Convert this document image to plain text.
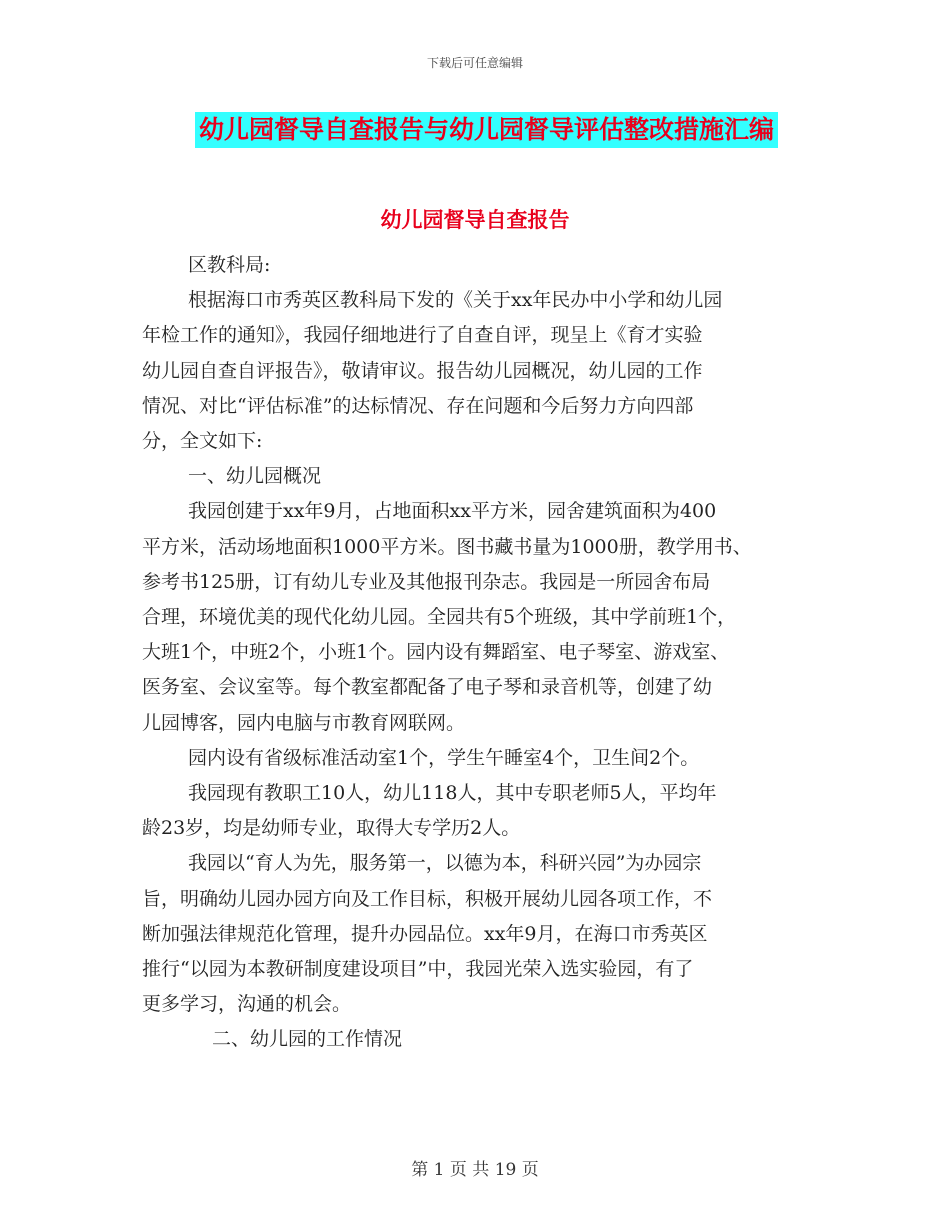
下载后可任意编辑
幼儿园督导自查报告与幼儿园督导评估整改措施汇编
幼儿园督导自查报告

区教科局:

根据海口市秀英区教科局下发的《关于xx年民办中小学和幼儿园

年检工作的通知》，我园仔细地进行了自查自评，现呈上《育才实验

幼儿园自查自评报告》，敬请审议。报告幼儿园概况，幼儿园的工作

情况、对比“评估标准”的达标情况、存在问题和今后努力方向四部

分，全文如下:

一、幼儿园概况

我园创建于xx年9月，占地面积xx平方米，园舍建筑面积为400

平方米，活动场地面积1000平方米。图书藏书量为1000册，教学用书、

参考书125册，订有幼儿专业及其他报刊杂志。我园是一所园舍布局

合理，环境优美的现代化幼儿园。全园共有5个班级，其中学前班1个，

大班1个，中班2个，小班1个。园内设有舞蹈室、电子琴室、游戏室、

医务室、会议室等。每个教室都配备了电子琴和录音机等，创建了幼

儿园博客，园内电脑与市教育网联网。

园内设有省级标准活动室1个，学生午睡室4个，卫生间2个。

我园现有教职工10人，幼儿118人，其中专职老师5人，平均年

龄23岁，均是幼师专业，取得大专学历2人。

我园以“育人为先，服务第一，以德为本，科研兴园”为办园宗

旨，明确幼儿园办园方向及工作目标，积极开展幼儿园各项工作，不

断加强法律规范化管理，提升办园品位。xx年9月，在海口市秀英区

推行“以园为本教研制度建设项目”中，我园光荣入选实验园，有了

更多学习，沟通的机会。

二、幼儿园的工作情况

第 1 页 共 19 页
